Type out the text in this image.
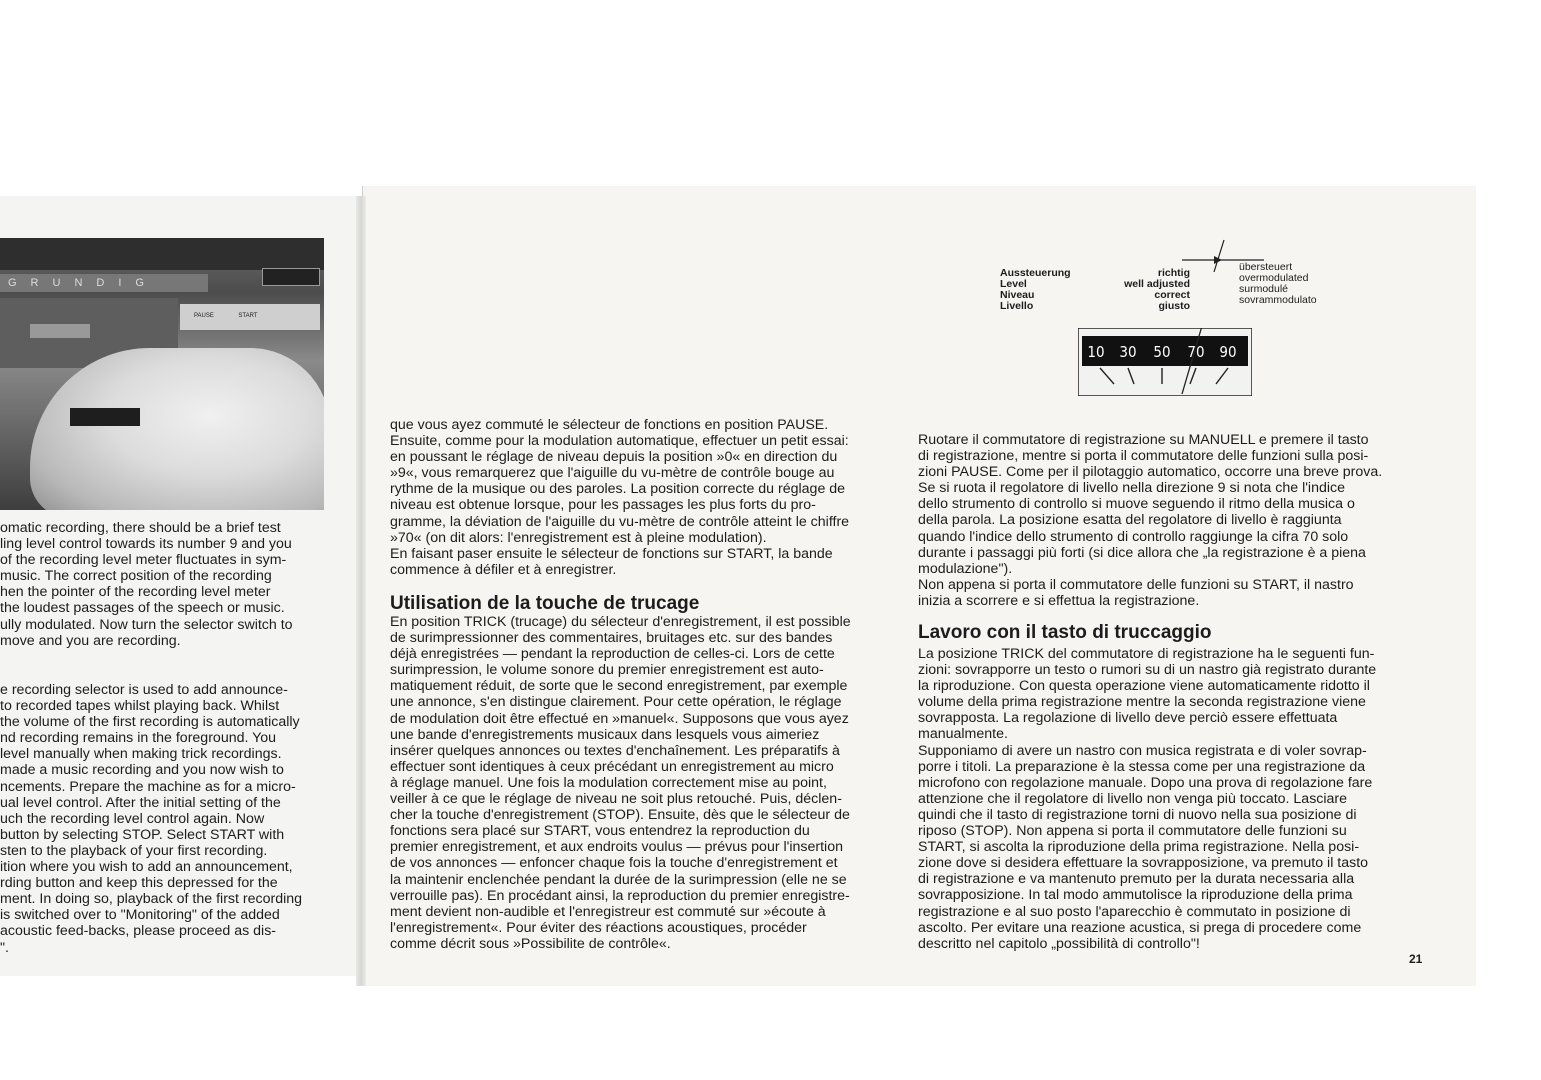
GRUNDIG
PAUSE	START

omatic recording, there should be a brief test

ling level control towards its number 9 and you

of the recording level meter fluctuates in sym-

music. The correct position of the recording

hen the pointer of the recording level meter

the loudest passages of the speech or music.

ully modulated. Now turn the selector switch to

move and you are recording.

e recording selector is used to add announce-

to recorded tapes whilst playing back. Whilst

the volume of the first recording is automatically

nd recording remains in the foreground. You

level manually when making trick recordings.

made a music recording and you now wish to

ncements. Prepare the machine as for a micro-

ual level control. After the initial setting of the

uch the recording level control again. Now

button by selecting STOP. Select START with

sten to the playback of your first recording.

ition where you wish to add an announcement,

rding button and keep this depressed for the

ment. In doing so, playback of the first recording

is switched over to "Monitoring" of the added

acoustic feed-backs, please proceed as dis-

".

Aussteuerung
Level
Niveau
Livello
richtig
well adjusted
correct
giusto
übersteuert
overmodulated
surmodulé
sovrammodulato
10 30 50 70 90

que vous ayez commuté le sélecteur de fonctions en position PAUSE.

Ensuite, comme pour la modulation automatique, effectuer un petit essai:

en poussant le réglage de niveau depuis la position »0« en direction du

»9«, vous remarquerez que l'aiguille du vu-mètre de contrôle bouge au

rythme de la musique ou des paroles. La position correcte du réglage de

niveau est obtenue lorsque, pour les passages les plus forts du pro-

gramme, la déviation de l'aiguille du vu-mètre de contrôle atteint le chiffre

»70« (on dit alors: l'enregistrement est à pleine modulation).

En faisant paser ensuite le sélecteur de fonctions sur START, la bande

commence à défiler et à enregistrer.

Utilisation de la touche de trucage

En position TRICK (trucage) du sélecteur d'enregistrement, il est possible

de surimpressionner des commentaires, bruitages etc. sur des bandes

déjà enregistrées — pendant la reproduction de celles-ci. Lors de cette

surimpression, le volume sonore du premier enregistrement est auto-

matiquement réduit, de sorte que le second enregistrement, par exemple

une annonce, s'en distingue clairement. Pour cette opération, le réglage

de modulation doit être effectué en »manuel«. Supposons que vous ayez

une bande d'enregistrements musicaux dans lesquels vous aimeriez

insérer quelques annonces ou textes d'enchaînement. Les préparatifs à

effectuer sont identiques à ceux précédant un enregistrement au micro

à réglage manuel. Une fois la modulation correctement mise au point,

veiller à ce que le réglage de niveau ne soit plus retouché. Puis, déclen-

cher la touche d'enregistrement (STOP). Ensuite, dès que le sélecteur de

fonctions sera placé sur START, vous entendrez la reproduction du

premier enregistrement, et aux endroits voulus — prévus pour l'insertion

de vos annonces — enfoncer chaque fois la touche d'enregistrement et

la maintenir enclenchée pendant la durée de la surimpression (elle ne se

verrouille pas). En procédant ainsi, la reproduction du premier enregistre-

ment devient non-audible et l'enregistreur est commuté sur »écoute à

l'enregistrement«. Pour éviter des réactions acoustiques, procéder

comme décrit sous »Possibilite de contrôle«.

Ruotare il commutatore di registrazione su MANUELL e premere il tasto

di registrazione, mentre si porta il commutatore delle funzioni sulla posi-

zioni PAUSE. Come per il pilotaggio automatico, occorre una breve prova.

Se si ruota il regolatore di livello nella direzione 9 si nota che l'indice

dello strumento di controllo si muove seguendo il ritmo della musica o

della parola. La posizione esatta del regolatore di livello è raggiunta

quando l'indice dello strumento di controllo raggiunge la cifra 70 solo

durante i passaggi più forti (si dice allora che „la registrazione è a piena

modulazione").

Non appena si porta il commutatore delle funzioni su START, il nastro

inizia a scorrere e si effettua la registrazione.

Lavoro con il tasto di truccaggio

La posizione TRICK del commutatore di registrazione ha le seguenti fun-

zioni: sovrapporre un testo o rumori su di un nastro già registrato durante

la riproduzione. Con questa operazione viene automaticamente ridotto il

volume della prima registrazione mentre la seconda registrazione viene

sovrapposta. La regolazione di livello deve perciò essere effettuata

manualmente.

Supponiamo di avere un nastro con musica registrata e di voler sovrap-

porre i titoli. La preparazione è la stessa come per una registrazione da

microfono con regolazione manuale. Dopo una prova di regolazione fare

attenzione che il regolatore di livello non venga più toccato. Lasciare

quindi che il tasto di registrazione torni di nuovo nella sua posizione di

riposo (STOP). Non appena si porta il commutatore delle funzioni su

START, si ascolta la riproduzione della prima registrazione. Nella posi-

zione dove si desidera effettuare la sovrapposizione, va premuto il tasto

di registrazione e va mantenuto premuto per la durata necessaria alla

sovrapposizione. In tal modo ammutolisce la riproduzione della prima

registrazione e al suo posto l'aparecchio è commutato in posizione di

ascolto. Per evitare una reazione acustica, si prega di procedere come

descritto nel capitolo „possibilità di controllo"!

21
